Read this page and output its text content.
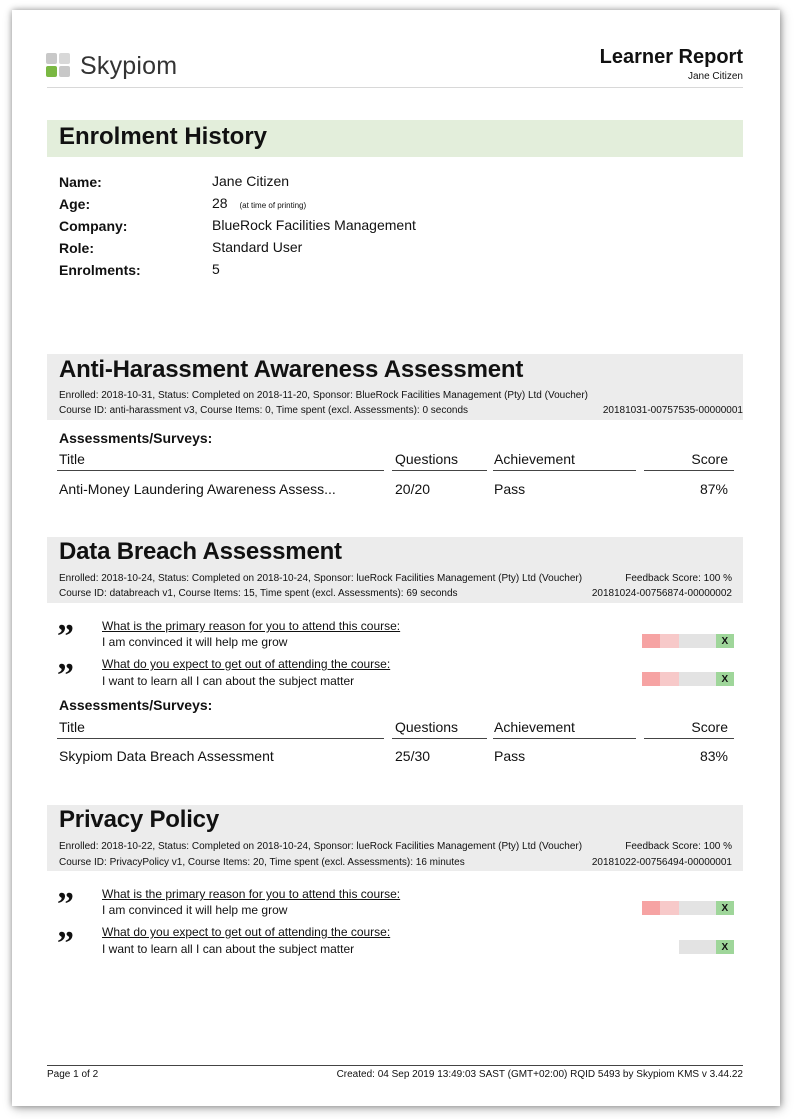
Skypiom	Learner Report
Jane Citizen
Enrolment History
Name:	Jane Citizen
Age:	28 (at time of printing)
Company:	BlueRock Facilities Management
Role:	Standard User
Enrolments:	5
Anti-Harassment Awareness Assessment
Enrolled: 2018-10-31, Status: Completed on 2018-11-20, Sponsor: BlueRock Facilities Management (Pty) Ltd (Voucher)
Course ID: anti-harassment v3, Course Items: 0, Time spent (excl. Assessments): 0 seconds	20181031-00757535-00000001
Assessments/Surveys:
Title	Questions	Achievement	Score
Anti-Money Laundering Awareness Assess...	20/20	Pass	87%
Data Breach Assessment
Enrolled: 2018-10-24, Status: Completed on 2018-10-24, Sponsor: lueRock Facilities Management (Pty) Ltd (Voucher)	Feedback Score: 100 %
Course ID: databreach v1, Course Items: 15, Time spent (excl. Assessments): 69 seconds	20181024-00756874-00000002
” What is the primary reason for you to attend this course:
I am convinced it will help me grow	X
” What do you expect to get out of attending the course:
I want to learn all I can about the subject matter	X
Assessments/Surveys:
Title	Questions	Achievement	Score
Skypiom Data Breach Assessment	25/30	Pass	83%
Privacy Policy
Enrolled: 2018-10-22, Status: Completed on 2018-10-24, Sponsor: lueRock Facilities Management (Pty) Ltd (Voucher)	Feedback Score: 100 %
Course ID: PrivacyPolicy v1, Course Items: 20, Time spent (excl. Assessments): 16 minutes	20181022-00756494-00000001
” What is the primary reason for you to attend this course:
I am convinced it will help me grow	X
” What do you expect to get out of attending the course:
I want to learn all I can about the subject matter	X
Page 1 of 2	Created: 04 Sep 2019 13:49:03 SAST (GMT+02:00) RQID 5493 by Skypiom KMS v 3.44.22
